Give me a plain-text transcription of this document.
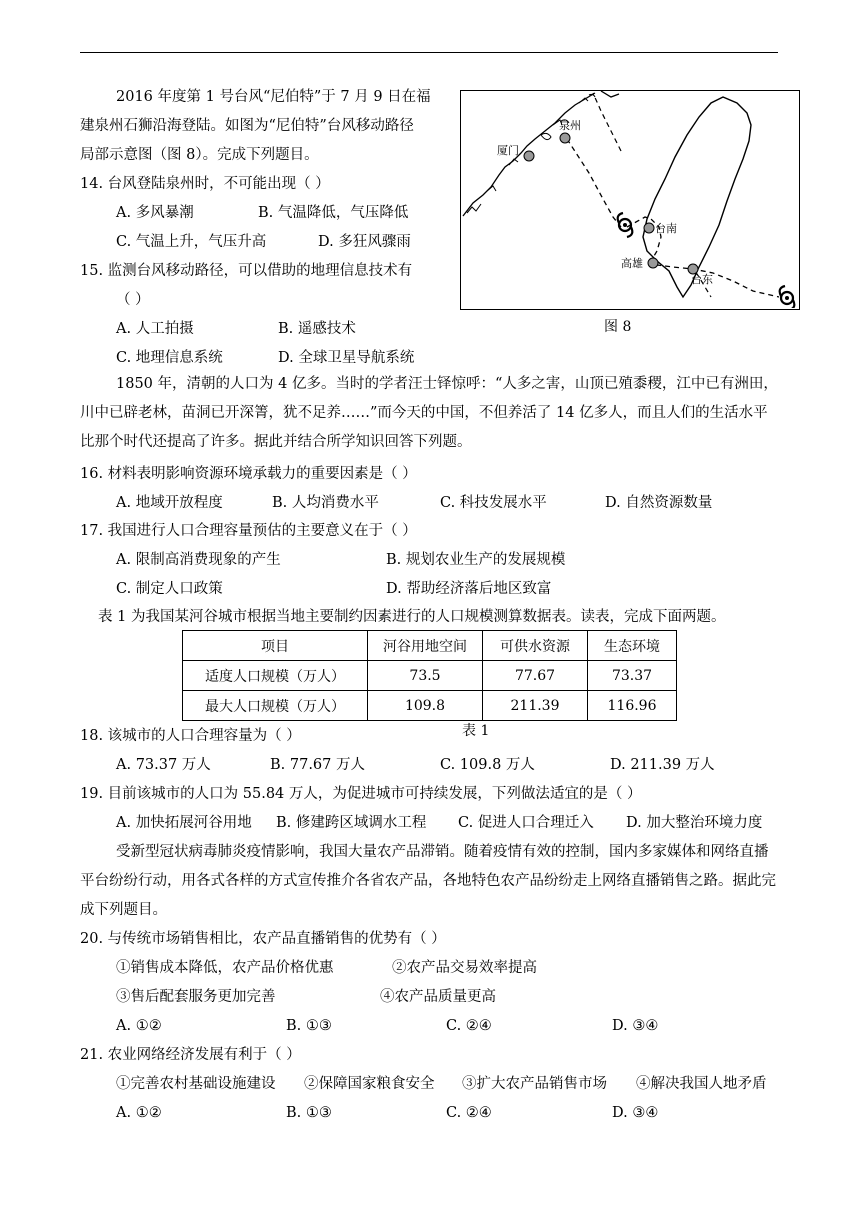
2016 年度第 1 号台风“尼伯特”于 7 月 9 日在福
建泉州石狮沿海登陆。如图为“尼伯特”台风移动路径
局部示意图（图 8）。完成下列题目。
泉州
厦门
台南
高雄
台东
图 8
14. 台风登陆泉州时，不可能出现（ ）
A. 多风暴潮	B. 气温降低，气压降低
C. 气温上升，气压升高	D. 多狂风骤雨
15. 监测台风移动路径，可以借助的地理信息技术有
（ ）
A. 人工拍摄	B. 遥感技术
C. 地理信息系统	D. 全球卫星导航系统
1850 年，清朝的人口为 4 亿多。当时的学者汪士铎惊呼：“人多之害，山顶已殖黍稷，江中已有洲田，川中已辟老林，苗洞已开深箐，犹不足养……”而今天的中国，不但养活了 14 亿多人，而且人们的生活水平比那个时代还提高了许多。据此并结合所学知识回答下列题。
16. 材料表明影响资源环境承载力的重要因素是（ ）
A. 地域开放程度	B. 人均消费水平	C. 科技发展水平	D. 自然资源数量
17. 我国进行人口合理容量预估的主要意义在于（ ）
A. 限制高消费现象的产生	B. 规划农业生产的发展规模
C. 制定人口政策	D. 帮助经济落后地区致富
表 1 为我国某河谷城市根据当地主要制约因素进行的人口规模测算数据表。读表，完成下面两题。
项目	河谷用地空间	可供水资源	生态环境
适度人口规模（万人）	73.5	77.67	73.37
最大人口规模（万人）	109.8	211.39	116.96
表 1
18. 该城市的人口合理容量为（ ）
A. 73.37 万人	B. 77.67 万人	C. 109.8 万人	D. 211.39 万人
19. 目前该城市的人口为 55.84 万人，为促进城市可持续发展，下列做法适宜的是（ ）
A. 加快拓展河谷用地 B. 修建跨区域调水工程 C. 促进人口合理迁入 D. 加大整治环境力度
受新型冠状病毒肺炎疫情影响，我国大量农产品滞销。随着疫情有效的控制，国内多家媒体和网络直播平台纷纷行动，用各式各样的方式宣传推介各省农产品，各地特色农产品纷纷走上网络直播销售之路。据此完成下列题目。
20. 与传统市场销售相比，农产品直播销售的优势有（ ）
①销售成本降低，农产品价格优惠	②农产品交易效率提高
③售后配套服务更加完善	④农产品质量更高
A. ①②	B. ①③	C. ②④	D. ③④
21. 农业网络经济发展有利于（ ）
①完善农村基础设施建设 ②保障国家粮食安全 ③扩大农产品销售市场 ④解决我国人地矛盾
A. ①②	B. ①③	C. ②④	D. ③④
